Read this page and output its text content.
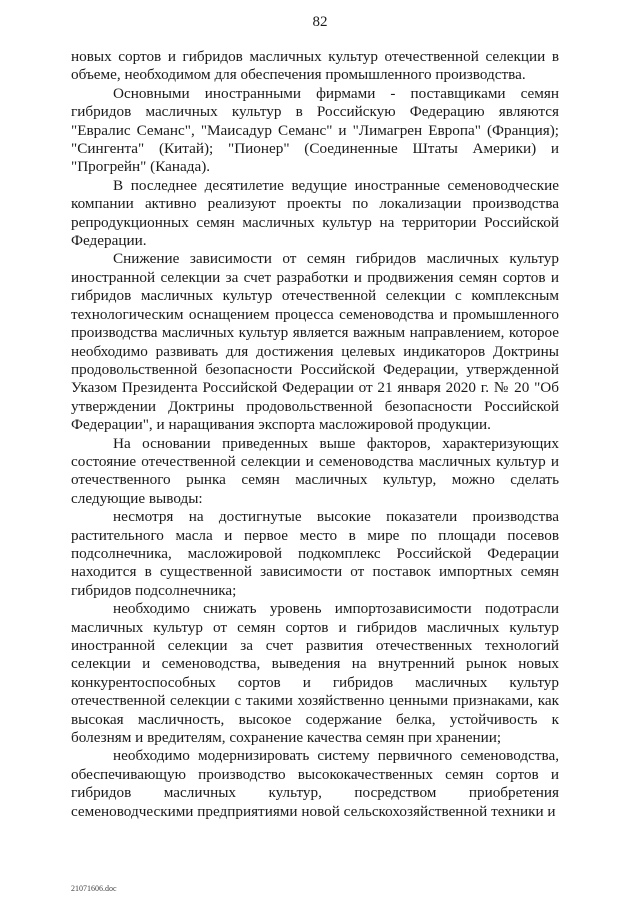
82

новых сортов и гибридов масличных культур отечественной селекции в объеме, необходимом для обеспечения промышленного производства.

Основными иностранными фирмами - поставщиками семян гибридов масличных культур в Российскую Федерацию являются "Евралис Семанс", "Маисадур Семанс" и "Лимагрен Европа" (Франция); "Сингента" (Китай); "Пионер" (Соединенные Штаты Америки) и "Прогрейн" (Канада).

В последнее десятилетие ведущие иностранные семеноводческие компании активно реализуют проекты по локализации производства репродукционных семян масличных культур на территории Российской Федерации.

Снижение зависимости от семян гибридов масличных культур иностранной селекции за счет разработки и продвижения семян сортов и гибридов масличных культур отечественной селекции с комплексным технологическим оснащением процесса семеноводства и промышленного производства масличных культур является важным направлением, которое необходимо развивать для достижения целевых индикаторов Доктрины продовольственной безопасности Российской Федерации, утвержденной Указом Президента Российской Федерации от 21 января 2020 г. № 20 "Об утверждении Доктрины продовольственной безопасности Российской Федерации", и наращивания экспорта масложировой продукции.

На основании приведенных выше факторов, характеризующих состояние отечественной селекции и семеноводства масличных культур и отечественного рынка семян масличных культур, можно сделать следующие выводы:

несмотря на достигнутые высокие показатели производства растительного масла и первое место в мире по площади посевов подсолнечника, масложировой подкомплекс Российской Федерации находится в существенной зависимости от поставок импортных семян гибридов подсолнечника;

необходимо снижать уровень импортозависимости подотрасли масличных культур от семян сортов и гибридов масличных культур иностранной селекции за счет развития отечественных технологий селекции и семеноводства, выведения на внутренний рынок новых конкурентоспособных сортов и гибридов масличных культур отечественной селекции с такими хозяйственно ценными признаками, как высокая масличность, высокое содержание белка, устойчивость к болезням и вредителям, сохранение качества семян при хранении;

необходимо модернизировать систему первичного семеноводства, обеспечивающую производство высококачественных семян сортов и гибридов масличных культур, посредством приобретения семеноводческими предприятиями новой сельскохозяйственной техники и

21071606.doc
